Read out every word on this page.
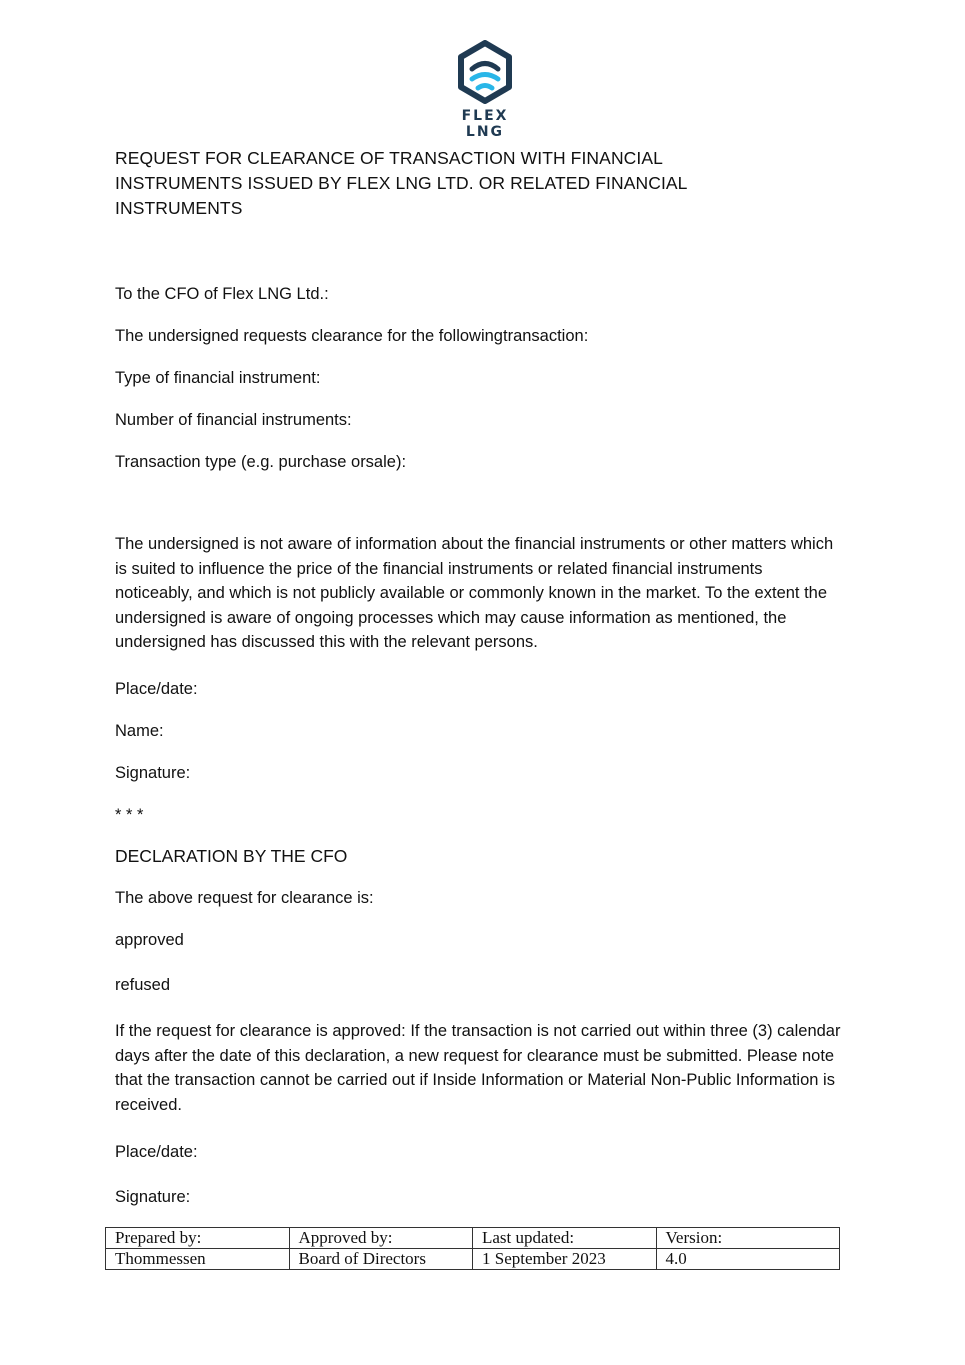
FLEX LNG
REQUEST FOR CLEARANCE OF TRANSACTION WITH FINANCIAL INSTRUMENTS ISSUED BY FLEX LNG LTD. OR RELATED FINANCIAL INSTRUMENTS

To the CFO of Flex LNG Ltd.:

The undersigned requests clearance for the followingtransaction:

Type of financial instrument:

Number of financial instruments:

Transaction type (e.g. purchase orsale):

The undersigned is not aware of information about the financial instruments or other matters which is suited to influence the price of the financial instruments or related financial instruments noticeably, and which is not publicly available or commonly known in the market. To the extent the undersigned is aware of ongoing processes which may cause information as mentioned, the undersigned has discussed this with the relevant persons.

Place/date:

Name:

Signature:

* * *

DECLARATION BY THE CFO

The above request for clearance is:

approved

refused

If the request for clearance is approved: If the transaction is not carried out within three (3) calendar days after the date of this declaration, a new request for clearance must be submitted. Please note that the transaction cannot be carried out if Inside Information or Material Non-Public Information is received.

Place/date:

Signature:

Prepared by:	Approved by:	Last updated:	Version:
Thommessen	Board of Directors	1 September 2023	4.0
